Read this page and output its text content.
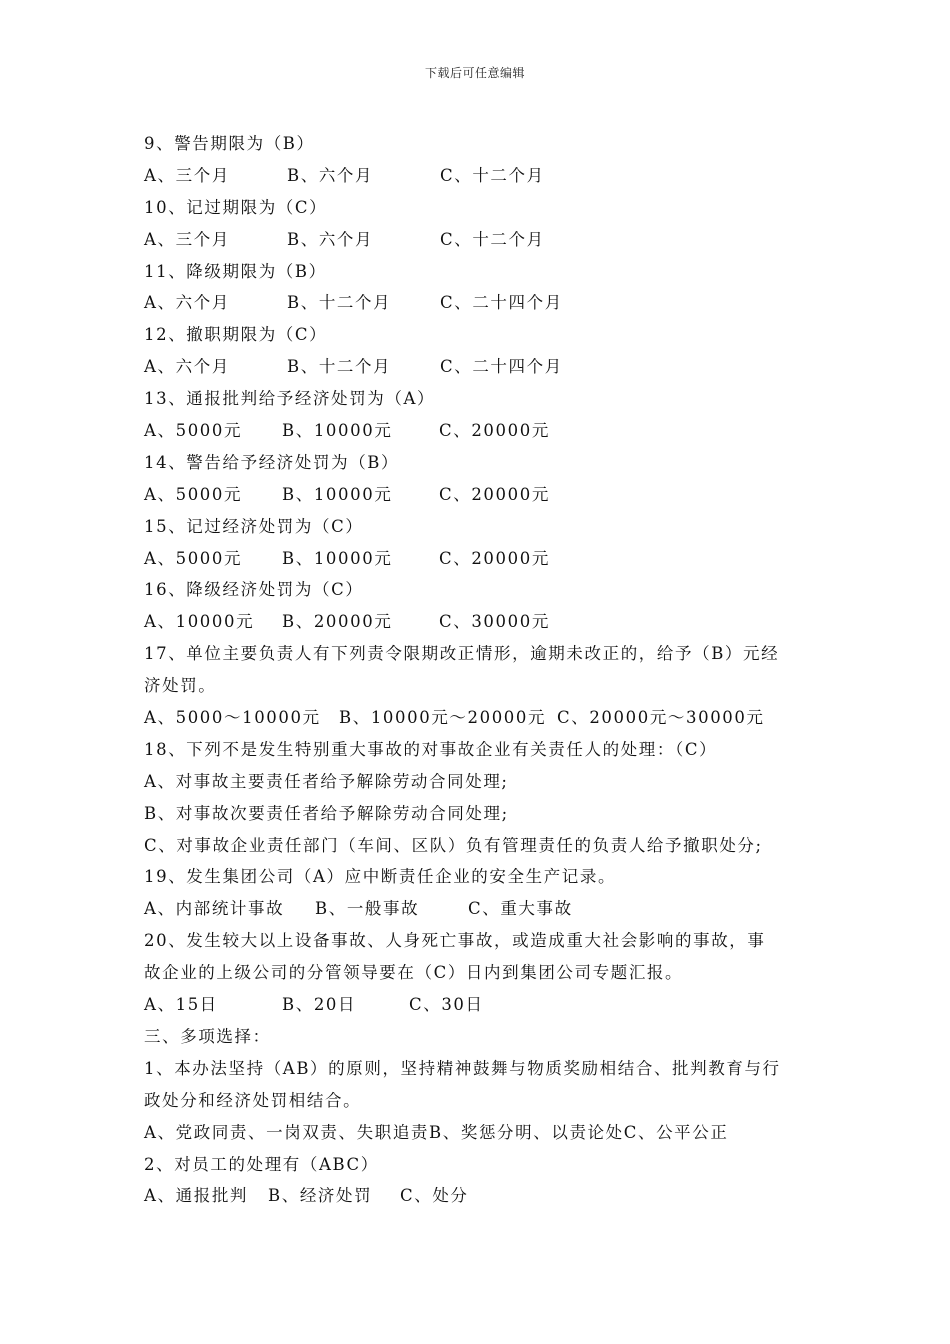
下载后可任意编辑
9、警告期限为（B）
A、三个月	B、六个月	C、十二个月
10、记过期限为（C）
A、三个月	B、六个月	C、十二个月
11、降级期限为（B）
A、六个月	B、十二个月	C、二十四个月
12、撤职期限为（C）
A、六个月	B、十二个月	C、二十四个月
13、通报批判给予经济处罚为（A）
A、5000元	B、10000元	C、20000元
14、警告给予经济处罚为（B）
A、5000元	B、10000元	C、20000元
15、记过经济处罚为（C）
A、5000元	B、10000元	C、20000元
16、降级经济处罚为（C）
A、10000元	B、20000元	C、30000元
17、单位主要负责人有下列责令限期改正情形，逾期未改正的，给予（B）元经
济处罚。
A、5000～10000元	B、10000元～20000元 C、20000元～30000元
18、下列不是发生特别重大事故的对事故企业有关责任人的处理：（C）
A、对事故主要责任者给予解除劳动合同处理;
B、对事故次要责任者给予解除劳动合同处理;
C、对事故企业责任部门（车间、区队）负有管理责任的负责人给予撤职处分;
19、发生集团公司（A）应中断责任企业的安全生产记录。
A、内部统计事故	B、一般事故	C、重大事故
20、发生较大以上设备事故、人身死亡事故，或造成重大社会影响的事故，事
故企业的上级公司的分管领导要在（C）日内到集团公司专题汇报。
A、15日	B、20日	C、30日
三、多项选择：
1、本办法坚持（AB）的原则，坚持精神鼓舞与物质奖励相结合、批判教育与行
政处分和经济处罚相结合。
A、党政同责、一岗双责、失职追责B、奖惩分明、以责论处C、公平公正
2、对员工的处理有（ABC）
A、通报批判	B、经济处罚	C、处分
